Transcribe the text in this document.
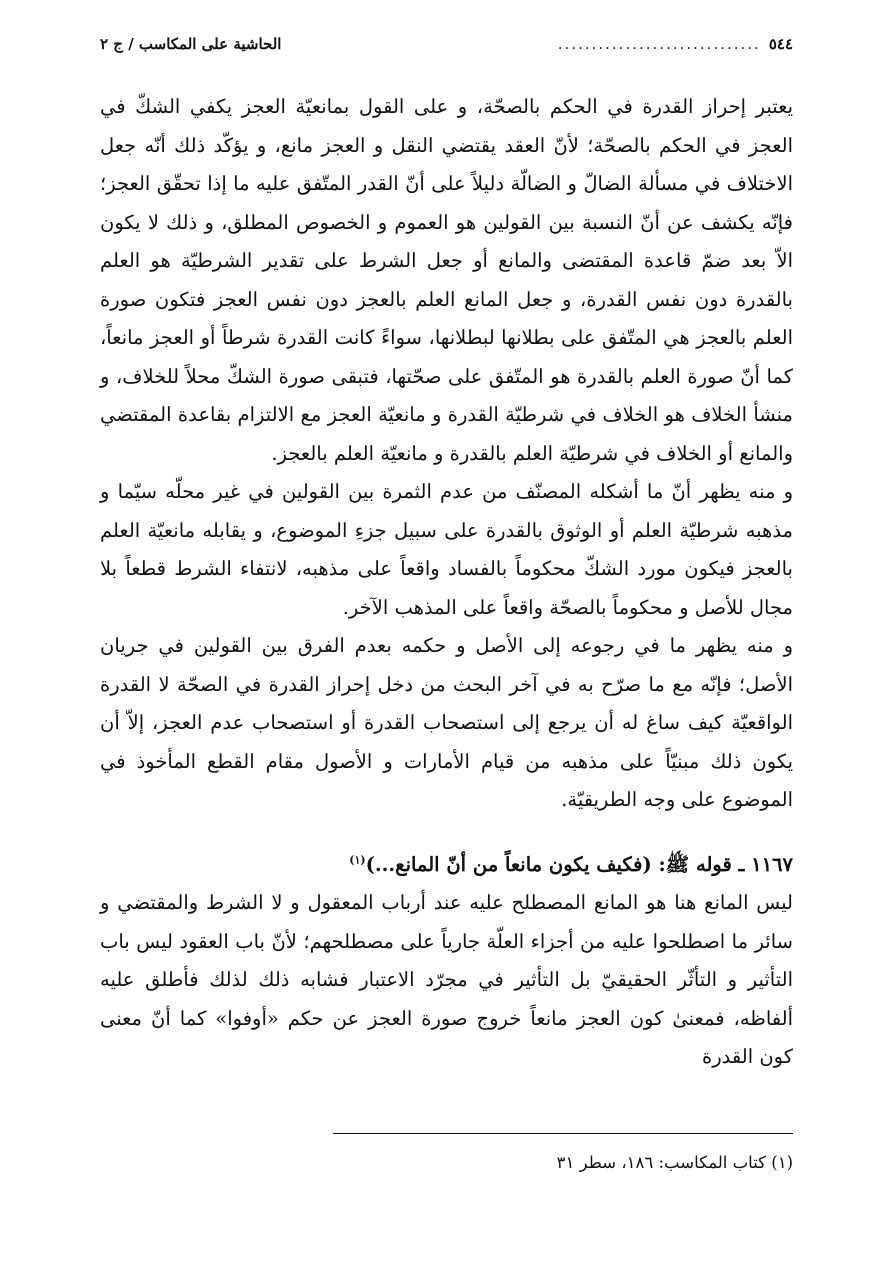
٥٤٤
..............................
الحاشية على المكاسب / ج ٢

يعتبر إحراز القدرة في الحكم بالصحّة، و على القول بمانعيّة العجز يكفي الشكّ في العجز في الحكم بالصحّة؛ لأنّ العقد يقتضي النقل و العجز مانع، و يؤكّد ذلك أنّه جعل الاختلاف في مسألة الضالّ و الضالّة دليلاً على أنّ القدر المتّفق عليه ما إذا تحقّق العجز؛ فإنّه يكشف عن أنّ النسبة بين القولين هو العموم و الخصوص المطلق، و ذلك لا يكون الاّ بعد ضمّ قاعدة المقتضى والمانع أو جعل الشرط على تقدير الشرطيّة هو العلم بالقدرة دون نفس القدرة، و جعل المانع العلم بالعجز دون نفس العجز فتكون صورة العلم بالعجز هي المتّفق على بطلانها لبطلانها، سواءً كانت القدرة شرطاً أو العجز مانعاً، كما أنّ صورة العلم بالقدرة هو المتّفق على صحّتها، فتبقى صورة الشكّ محلاً للخلاف، و منشأ الخلاف هو الخلاف في شرطيّة القدرة و مانعيّة العجز مع الالتزام بقاعدة المقتضي والمانع أو الخلاف في شرطيّة العلم بالقدرة و مانعيّة العلم بالعجز.

و منه يظهر أنّ ما أشكله المصنّف من عدم الثمرة بين القولين في غير محلّه سيّما و مذهبه شرطيّة العلم أو الوثوق بالقدرة على سبيل جزءِ الموضوع، و يقابله مانعيّة العلم بالعجز فيكون مورد الشكّ محكوماً بالفساد واقعاً على مذهبه، لانتفاء الشرط قطعاً بلا مجال للأصل و محكوماً بالصحّة واقعاً على المذهب الآخر.

و منه يظهر ما في رجوعه إلى الأصل و حكمه بعدم الفرق بين القولين في جريان الأصل؛ فإنّه مع ما صرّح به في آخر البحث من دخل إحراز القدرة في الصحّة لا القدرة الواقعيّة كيف ساغ له أن يرجع إلى استصحاب القدرة أو استصحاب عدم العجز، إلاّ أن يكون ذلك مبنيّاً على مذهبه من قيام الأمارات و الأصول مقام القطع المأخوذ في الموضوع على وجه الطريقيّة.

١١٦٧ ـ قوله ﷺ: (فكيف يكون مانعاً من أنّ المانع...)$^{(١)}$

ليس المانع هنا هو المانع المصطلح عليه عند أرباب المعقول و لا الشرط والمقتضي و سائر ما اصطلحوا عليه من أجزاء العلّة جارياً على مصطلحهم؛ لأنّ باب العقود ليس باب التأثير و التأثّر الحقيقيّ بل التأثير في مجرّد الاعتبار فشابه ذلك لذلك فأطلق عليه ألفاظه، فمعنىٰ كون العجز مانعاً خروج صورة العجز عن حكم «أوفوا» كما أنّ معنى كون القدرة

(١) كتاب المكاسب: ١٨٦، سطر ٣١
